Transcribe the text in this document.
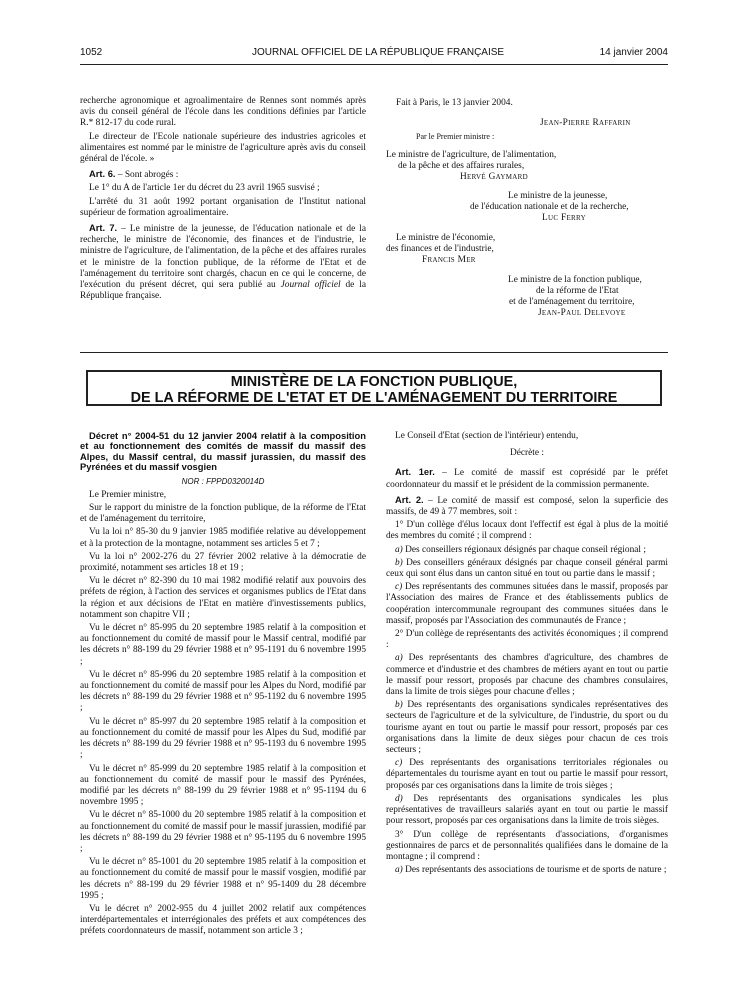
1052	JOURNAL OFFICIEL DE LA RÉPUBLIQUE FRANÇAISE	14 janvier 2004

recherche agronomique et agroalimentaire de Rennes sont nommés après avis du conseil général de l'école dans les conditions définies par l'article R.* 812-17 du code rural.

Le directeur de l'Ecole nationale supérieure des industries agricoles et alimentaires est nommé par le ministre de l'agriculture après avis du conseil général de l'école. »

Art. 6. – Sont abrogés :

Le 1° du A de l'article 1er du décret du 23 avril 1965 susvisé ;

L'arrêté du 31 août 1992 portant organisation de l'Institut national supérieur de formation agroalimentaire.

Art. 7. – Le ministre de la jeunesse, de l'éducation nationale et de la recherche, le ministre de l'économie, des finances et de l'industrie, le ministre de l'agriculture, de l'alimentation, de la pêche et des affaires rurales et le ministre de la fonction publique, de la réforme de l'Etat et de l'aménagement du territoire sont chargés, chacun en ce qui le concerne, de l'exécution du présent décret, qui sera publié au Journal officiel de la République française.

Fait à Paris, le 13 janvier 2004.
Jean-Pierre Raffarin
Par le Premier ministre :
Le ministre de l'agriculture, de l'alimentation,
de la pêche et des affaires rurales,
Hervé Gaymard
Le ministre de la jeunesse,
de l'éducation nationale et de la recherche,
Luc Ferry
Le ministre de l'économie,
des finances et de l'industrie,
Francis Mer
Le ministre de la fonction publique,
de la réforme de l'Etat
et de l'aménagement du territoire,
Jean-Paul Delevoye
MINISTÈRE DE LA FONCTION PUBLIQUE,
DE LA RÉFORME DE L'ETAT ET DE L'AMÉNAGEMENT DU TERRITOIRE

Décret n° 2004-51 du 12 janvier 2004 relatif à la composition et au fonctionnement des comités de massif du massif des Alpes, du Massif central, du massif jurassien, du massif des Pyrénées et du massif vosgien

NOR : FPPD0320014D

Le Premier ministre,

Sur le rapport du ministre de la fonction publique, de la réforme de l'Etat et de l'aménagement du territoire,

Vu la loi n° 85-30 du 9 janvier 1985 modifiée relative au développement et à la protection de la montagne, notamment ses articles 5 et 7 ;

Vu la loi n° 2002-276 du 27 février 2002 relative à la démocratie de proximité, notamment ses articles 18 et 19 ;

Vu le décret n° 82-390 du 10 mai 1982 modifié relatif aux pouvoirs des préfets de région, à l'action des services et organismes publics de l'Etat dans la région et aux décisions de l'Etat en matière d'investissements publics, notamment son chapitre VII ;

Vu le décret n° 85-995 du 20 septembre 1985 relatif à la composition et au fonctionnement du comité de massif pour le Massif central, modifié par les décrets n° 88-199 du 29 février 1988 et n° 95-1191 du 6 novembre 1995 ;

Vu le décret n° 85-996 du 20 septembre 1985 relatif à la composition et au fonctionnement du comité de massif pour les Alpes du Nord, modifié par les décrets n° 88-199 du 29 février 1988 et n° 95-1192 du 6 novembre 1995 ;

Vu le décret n° 85-997 du 20 septembre 1985 relatif à la composition et au fonctionnement du comité de massif pour les Alpes du Sud, modifié par les décrets n° 88-199 du 29 février 1988 et n° 95-1193 du 6 novembre 1995 ;

Vu le décret n° 85-999 du 20 septembre 1985 relatif à la composition et au fonctionnement du comité de massif pour le massif des Pyrénées, modifié par les décrets n° 88-199 du 29 février 1988 et n° 95-1194 du 6 novembre 1995 ;

Vu le décret n° 85-1000 du 20 septembre 1985 relatif à la composition et au fonctionnement du comité de massif pour le massif jurassien, modifié par les décrets n° 88-199 du 29 février 1988 et n° 95-1195 du 6 novembre 1995 ;

Vu le décret n° 85-1001 du 20 septembre 1985 relatif à la composition et au fonctionnement du comité de massif pour le massif vosgien, modifié par les décrets n° 88-199 du 29 février 1988 et n° 95-1409 du 28 décembre 1995 ;

Vu le décret n° 2002-955 du 4 juillet 2002 relatif aux compétences interdépartementales et interrégionales des préfets et aux compétences des préfets coordonnateurs de massif, notamment son article 3 ;

Le Conseil d'Etat (section de l'intérieur) entendu,

Décrète :

Art. 1er. – Le comité de massif est coprésidé par le préfet coordonnateur du massif et le président de la commission permanente.

Art. 2. – Le comité de massif est composé, selon la superficie des massifs, de 49 à 77 membres, soit :

1° D'un collège d'élus locaux dont l'effectif est égal à plus de la moitié des membres du comité ; il comprend :

a) Des conseillers régionaux désignés par chaque conseil régional ;

b) Des conseillers généraux désignés par chaque conseil général parmi ceux qui sont élus dans un canton situé en tout ou partie dans le massif ;

c) Des représentants des communes situées dans le massif, proposés par l'Association des maires de France et des établissements publics de coopération intercommunale regroupant des communes situées dans le massif, proposés par l'Association des communautés de France ;

2° D'un collège de représentants des activités économiques ; il comprend :

a) Des représentants des chambres d'agriculture, des chambres de commerce et d'industrie et des chambres de métiers ayant en tout ou partie le massif pour ressort, proposés par chacune des chambres consulaires, dans la limite de trois sièges pour chacune d'elles ;

b) Des représentants des organisations syndicales représentatives des secteurs de l'agriculture et de la sylviculture, de l'industrie, du sport ou du tourisme ayant en tout ou partie le massif pour ressort, proposés par ces organisations dans la limite de deux sièges pour chacun de ces trois secteurs ;

c) Des représentants des organisations territoriales régionales ou départementales du tourisme ayant en tout ou partie le massif pour ressort, proposés par ces organisations dans la limite de trois sièges ;

d) Des représentants des organisations syndicales les plus représentatives de travailleurs salariés ayant en tout ou partie le massif pour ressort, proposés par ces organisations dans la limite de trois sièges.

3° D'un collège de représentants d'associations, d'organismes gestionnaires de parcs et de personnalités qualifiées dans le domaine de la montagne ; il comprend :

a) Des représentants des associations de tourisme et de sports de nature ;
